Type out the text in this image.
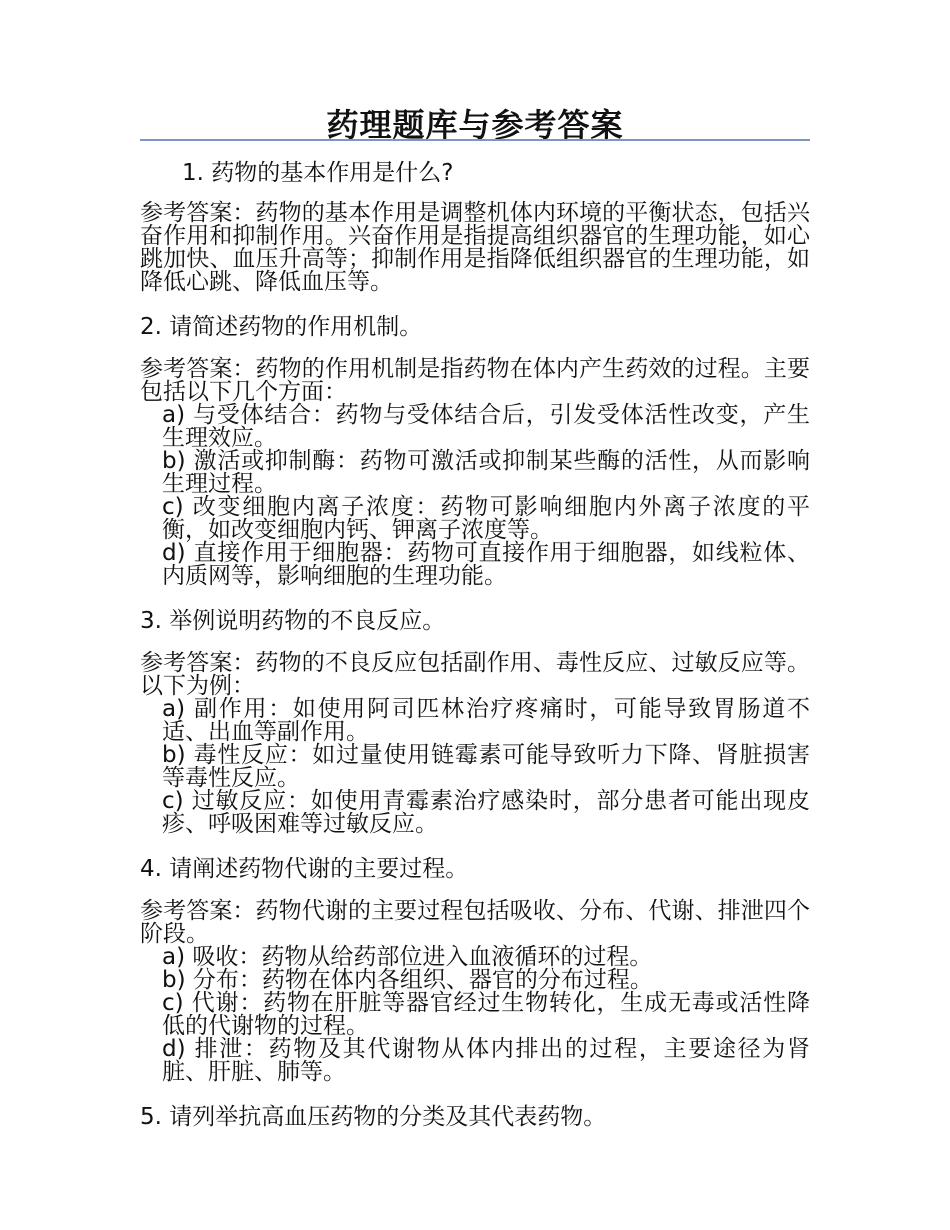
药理题库与参考答案
1. 药物的基本作用是什么?
参考答案：药物的基本作用是调整机体内环境的平衡状态，包括兴奋作用和抑制作用。兴奋作用是指提高组织器官的生理功能，如心跳加快、血压升高等；抑制作用是指降低组织器官的生理功能，如降低心跳、降低血压等。
2. 请简述药物的作用机制。
参考答案：药物的作用机制是指药物在体内产生药效的过程。主要包括以下几个方面：
a) 与受体结合：药物与受体结合后，引发受体活性改变，产生生理效应。
b) 激活或抑制酶：药物可激活或抑制某些酶的活性，从而影响生理过程。
c) 改变细胞内离子浓度：药物可影响细胞内外离子浓度的平衡，如改变细胞内钙、钾离子浓度等。
d) 直接作用于细胞器：药物可直接作用于细胞器，如线粒体、内质网等，影响细胞的生理功能。
3. 举例说明药物的不良反应。
参考答案：药物的不良反应包括副作用、毒性反应、过敏反应等。以下为例：
a) 副作用：如使用阿司匹林治疗疼痛时，可能导致胃肠道不适、出血等副作用。
b) 毒性反应：如过量使用链霉素可能导致听力下降、肾脏损害等毒性反应。
c) 过敏反应：如使用青霉素治疗感染时，部分患者可能出现皮疹、呼吸困难等过敏反应。
4. 请阐述药物代谢的主要过程。
参考答案：药物代谢的主要过程包括吸收、分布、代谢、排泄四个阶段。
a) 吸收：药物从给药部位进入血液循环的过程。
b) 分布：药物在体内各组织、器官的分布过程。
c) 代谢：药物在肝脏等器官经过生物转化，生成无毒或活性降低的代谢物的过程。
d) 排泄：药物及其代谢物从体内排出的过程，主要途径为肾脏、肝脏、肺等。
5. 请列举抗高血压药物的分类及其代表药物。
